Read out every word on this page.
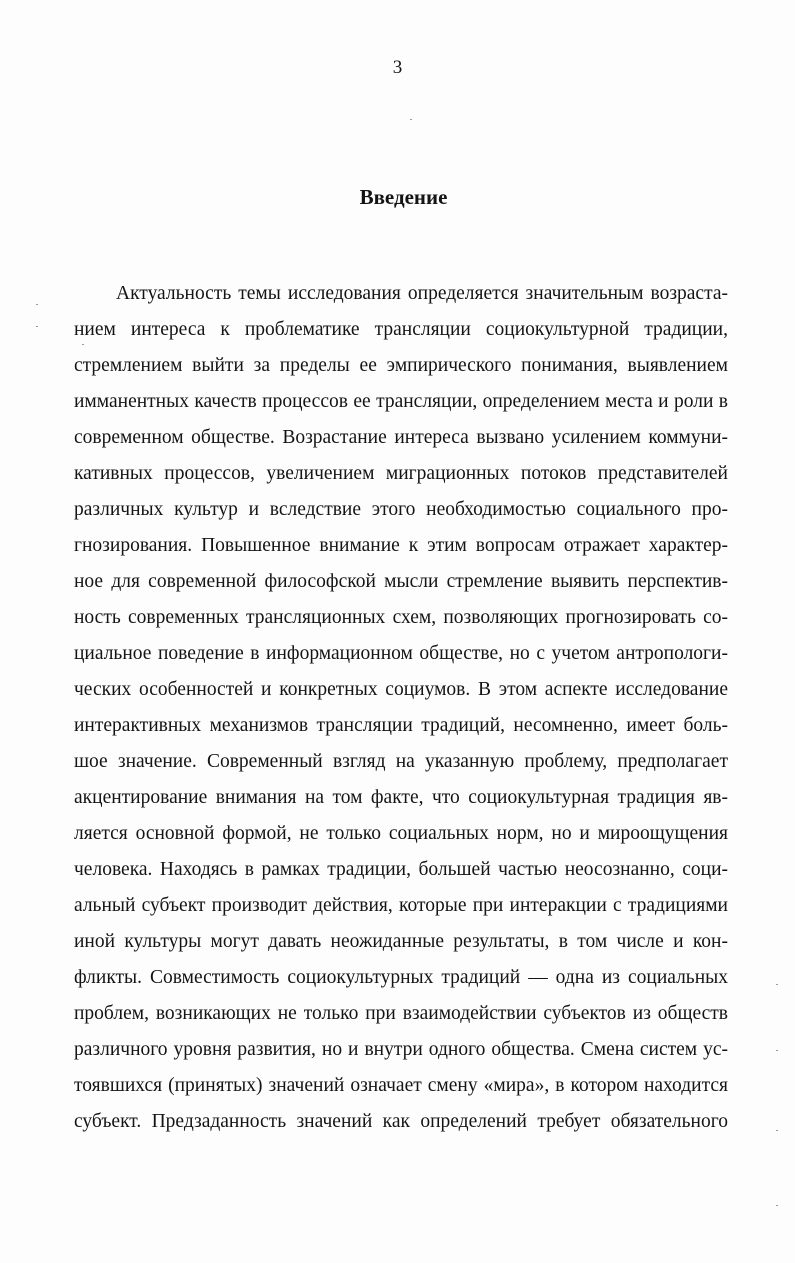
3
Введение
Актуальность темы исследования определяется значительным возраста-
нием интереса к проблематике трансляции социокультурной традиции,
стремлением выйти за пределы ее эмпирического понимания, выявлением
имманентных качеств процессов ее трансляции, определением места и роли в
современном обществе. Возрастание интереса вызвано усилением коммуни-
кативных процессов, увеличением миграционных потоков представителей
различных культур и вследствие этого необходимостью социального про-
гнозирования. Повышенное внимание к этим вопросам отражает характер-
ное для современной философской мысли стремление выявить перспектив-
ность современных трансляционных схем, позволяющих прогнозировать со-
циальное поведение в информационном обществе, но с учетом антропологи-
ческих особенностей и конкретных социумов. В этом аспекте исследование
интерактивных механизмов трансляции традиций, несомненно, имеет боль-
шое значение. Современный взгляд на указанную проблему, предполагает
акцентирование внимания на том факте, что социокультурная традиция яв-
ляется основной формой, не только социальных норм, но и мироощущения
человека. Находясь в рамках традиции, большей частью неосознанно, соци-
альный субъект производит действия, которые при интеракции с традициями
иной культуры могут давать неожиданные результаты, в том числе и кон-
фликты. Совместимость социокультурных традиций — одна из социальных
проблем, возникающих не только при взаимодействии субъектов из обществ
различного уровня развития, но и внутри одного общества. Смена систем ус-
тоявшихся (принятых) значений означает смену «мира», в котором находится
субъект. Предзаданность значений как определений требует обязательного
